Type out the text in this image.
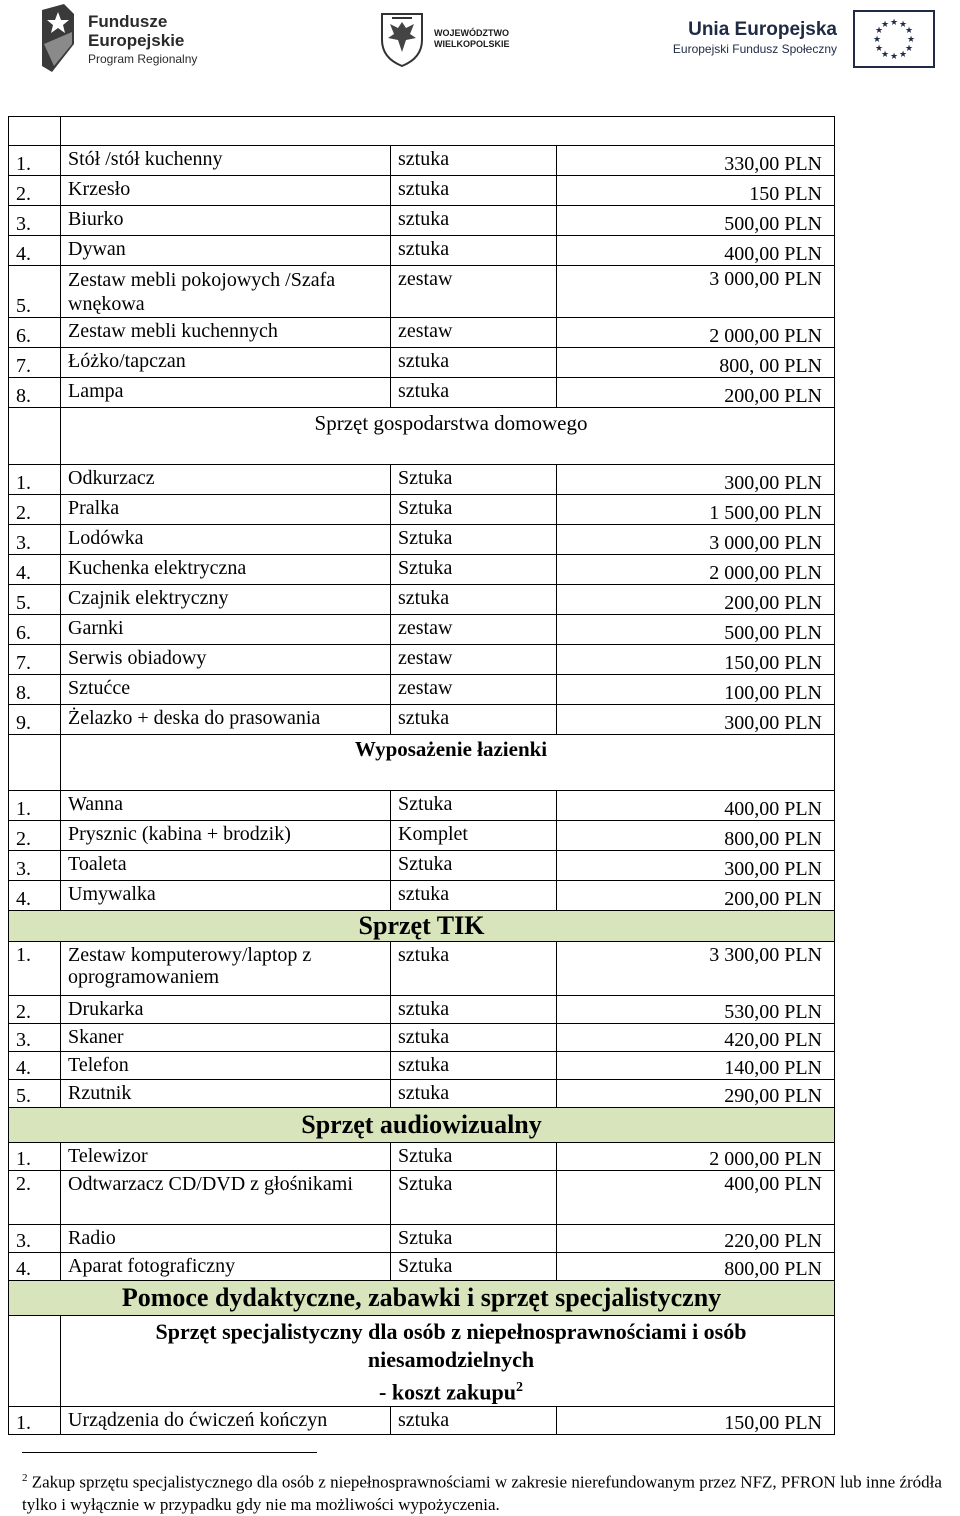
Fundusze
Europejskie
Program Regionalny
WOJEWÓDZTWO
WIELKOPOLSKIE
Unia Europejska
Europejski Fundusz Społeczny
★ ★
★
★
★
★
★
★
★
★
★
★

1.	Stół /stół kuchenny	sztuka	330,00 PLN
2.	Krzesło	sztuka	150 PLN
3.	Biurko	sztuka	500,00 PLN
4.	Dywan	sztuka	400,00 PLN
5.	Zestaw mebli pokojowych /Szafa wnękowa	zestaw	3 000,00 PLN
6.	Zestaw mebli kuchennych	zestaw	2 000,00 PLN
7.	Łóżko/tapczan	sztuka	800, 00 PLN
8.	Lampa	sztuka	200,00 PLN
	Sprzęt gospodarstwa domowego		
1.	Odkurzacz	Sztuka	300,00 PLN
2.	Pralka	Sztuka	1 500,00 PLN
3.	Lodówka	Sztuka	3 000,00 PLN
4.	Kuchenka elektryczna	Sztuka	2 000,00 PLN
5.	Czajnik elektryczny	sztuka	200,00 PLN
6.	Garnki	zestaw	500,00 PLN
7.	Serwis obiadowy	zestaw	150,00 PLN
8.	Sztućce	zestaw	100,00 PLN
9.	Żelazko + deska do prasowania	sztuka	300,00 PLN
	Wyposażenie łazienki		
1.	Wanna	Sztuka	400,00 PLN
2.	Prysznic (kabina + brodzik)	Komplet	800,00 PLN
3.	Toaleta	Sztuka	300,00 PLN
4.	Umywalka	sztuka	200,00 PLN
Sprzęt TIK			
1.	Zestaw komputerowy/laptop z oprogramowaniem	sztuka	3 300,00 PLN
2.	Drukarka	sztuka	530,00 PLN
3.	Skaner	sztuka	420,00 PLN
4.	Telefon	sztuka	140,00 PLN
5.	Rzutnik	sztuka	290,00 PLN
Sprzęt audiowizualny			
1.	Telewizor	Sztuka	2 000,00 PLN
2.	Odtwarzacz CD/DVD z głośnikami	Sztuka	400,00 PLN
3.	Radio	Sztuka	220,00 PLN
4.	Aparat fotograficzny	Sztuka	800,00 PLN
Pomoce dydaktyczne, zabawki i sprzęt specjalistyczny			
	Sprzęt specjalistyczny dla osób z niepełnosprawnościami i osób
niesamodzielnych
- koszt zakupu$^2$
1.	Urządzenia do ćwiczeń kończyn	sztuka	150,00 PLN
$^2$ Zakup sprzętu specjalistycznego dla osób z niepełnosprawnościami w zakresie nierefundowanym przez NFZ, PFRON lub inne źródła tylko i wyłącznie w przypadku gdy nie ma możliwości wypożyczenia.
